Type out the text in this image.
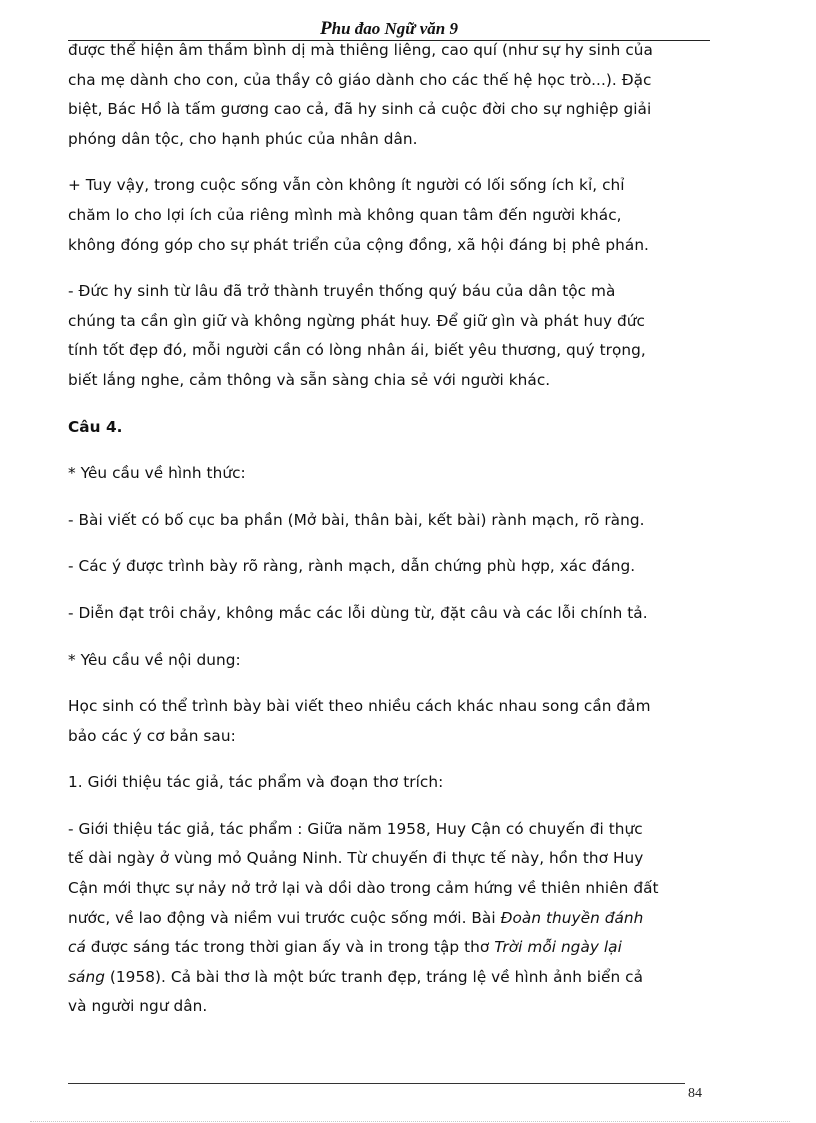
Phu đao Ngữ văn 9

được thể hiện âm thầm bình dị mà thiêng liêng, cao quí (như sự hy sinh của
cha mẹ dành cho con, của thầy cô giáo dành cho các thế hệ học trò...). Đặc
biệt, Bác Hồ là tấm gương cao cả, đã hy sinh cả cuộc đời cho sự nghiệp giải
phóng dân tộc, cho hạnh phúc của nhân dân.

+ Tuy vậy, trong cuộc sống vẫn còn không ít người có lối sống ích kỉ, chỉ
chăm lo cho lợi ích của riêng mình mà không quan tâm đến người khác,
không đóng góp cho sự phát triển của cộng đồng, xã hội đáng bị phê phán.

- Đức hy sinh từ lâu đã trở thành truyền thống quý báu của dân tộc mà
chúng ta cần gìn giữ và không ngừng phát huy. Để giữ gìn và phát huy đức
tính tốt đẹp đó, mỗi người cần có lòng nhân ái, biết yêu thương, quý trọng,
biết lắng nghe, cảm thông và sẵn sàng chia sẻ với người khác.

Câu 4.

* Yêu cầu về hình thức:

- Bài viết có bố cục ba phần (Mở bài, thân bài, kết bài) rành mạch, rõ ràng.

- Các ý được trình bày rõ ràng, rành mạch, dẫn chứng phù hợp, xác đáng.

- Diễn đạt trôi chảy, không mắc các lỗi dùng từ, đặt câu và các lỗi chính tả.

* Yêu cầu về nội dung:

Học sinh có thể trình bày bài viết theo nhiều cách khác nhau song cần đảm
bảo các ý cơ bản sau:

1. Giới thiệu tác giả, tác phẩm và đoạn thơ trích:

- Giới thiệu tác giả, tác phẩm : Giữa năm 1958, Huy Cận có chuyến đi thực
tế dài ngày ở vùng mỏ Quảng Ninh. Từ chuyến đi thực tế này, hồn thơ Huy
Cận mới thực sự nảy nở trở lại và dồi dào trong cảm hứng về thiên nhiên đất
nước, về lao động và niềm vui trước cuộc sống mới. Bài Đoàn thuyền đánh
cá được sáng tác trong thời gian ấy và in trong tập thơ Trời mỗi ngày lại
sáng (1958). Cả bài thơ là một bức tranh đẹp, tráng lệ về hình ảnh biển cả
và người ngư dân.

84
